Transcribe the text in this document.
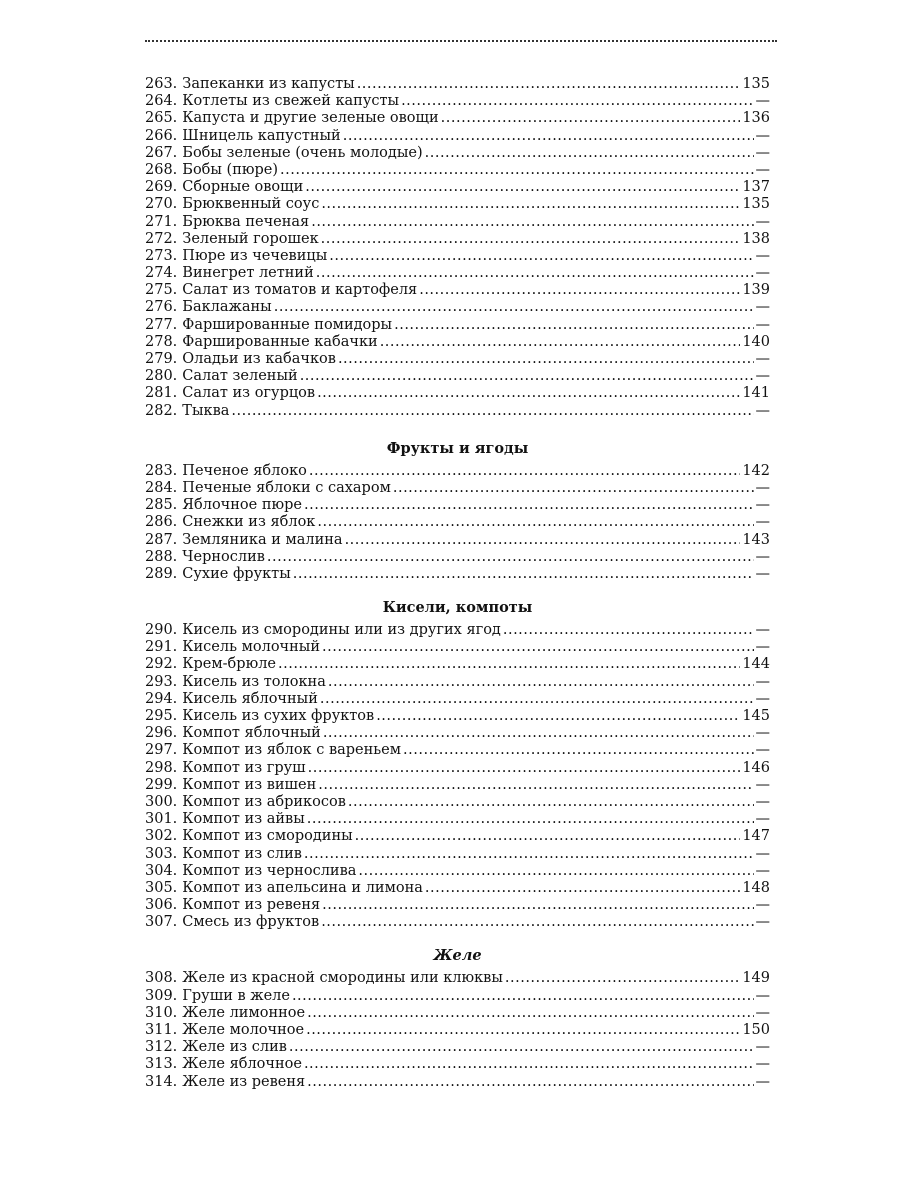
263. Запеканки из капусты .....	135
264. Котлеты из свежей капусты .....	—
265. Капуста и другие зеленые овощи .....	136
266. Шницель капустный .....	—
267. Бобы зеленые (очень молодые) .....	—
268. Бобы (пюре) .....	—
269. Сборные овощи .....	137
270. Брюквенный соус .....	135
271. Брюква печеная .....	—
272. Зеленый горошек .....	138
273. Пюре из чечевицы .....	—
274. Винегрет летний .....	—
275. Салат из томатов и картофеля .....	139
276. Баклажаны .....	—
277. Фаршированные помидоры .....	—
278. Фаршированные кабачки .....	140
279. Оладьи из кабачков .....	—
280. Салат зеленый .....	—
281. Салат из огурцов .....	141
282. Тыква .....	—
Фрукты и ягоды
283. Печеное яблоко .....	142
284. Печеные яблоки с сахаром .....	—
285. Яблочное пюре .....	—
286. Снежки из яблок .....	—
287. Земляника и малина .....	143
288. Чернослив .....	—
289. Сухие фрукты .....	—
Кисели, компоты
290. Кисель из смородины или из других ягод .....	—
291. Кисель молочный .....	—
292. Крем-брюле .....	144
293. Кисель из толокна .....	—
294. Кисель яблочный .....	—
295. Кисель из сухих фруктов .....	145
296. Компот яблочный .....	—
297. Компот из яблок с вареньем .....	—
298. Компот из груш .....	146
299. Компот из вишен .....	—
300. Компот из абрикосов .....	—
301. Компот из айвы .....	—
302. Компот из смородины .....	147
303. Компот из слив .....	—
304. Компот из чернослива .....	—
305. Компот из апельсина и лимона .....	148
306. Компот из ревеня .....	—
307. Смесь из фруктов .....	—
Желе
308. Желе из красной смородины или клюквы .....	149
309. Груши в желе .....	—
310. Желе лимонное .....	—
311. Желе молочное .....	150
312. Желе из слив .....	—
313. Желе яблочное .....	—
314. Желе из ревеня .....	—
